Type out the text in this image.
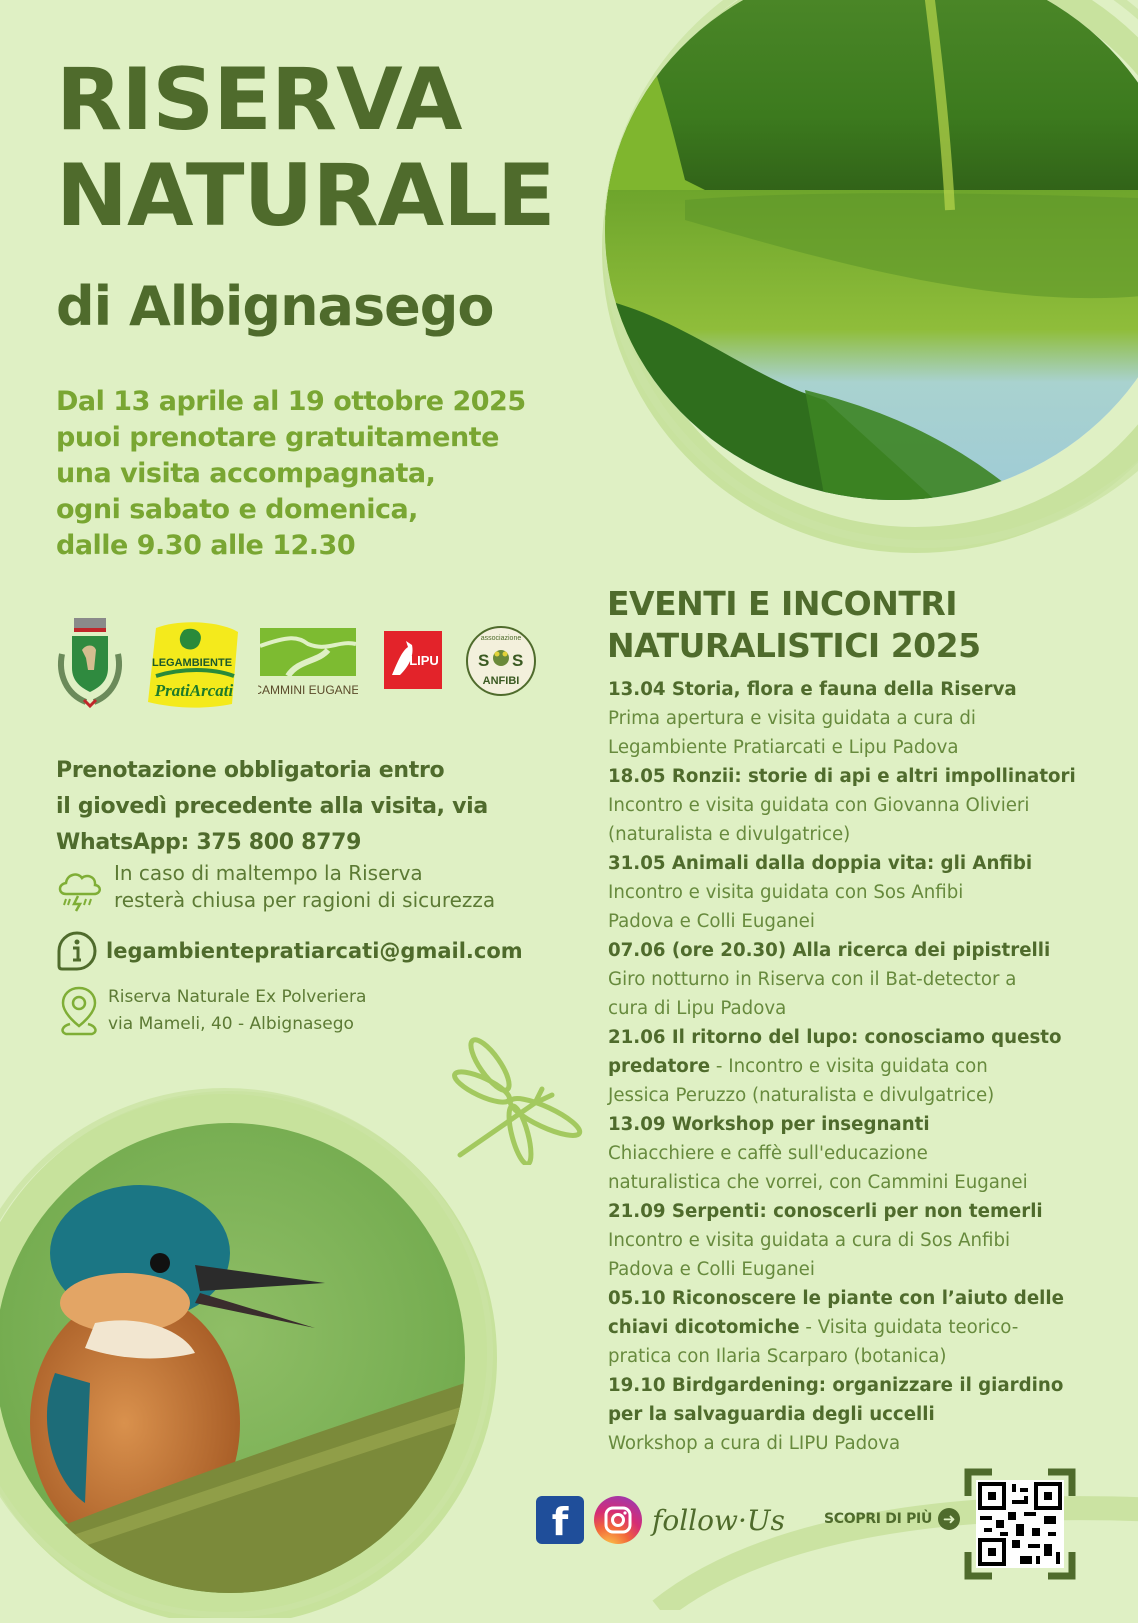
RISERVA
NATURALE
di Albignasego
Dal 13 aprile al 19 ottobre 2025
puoi prenotare gratuitamente
una visita accompagnata,
ogni sabato e domenica,
dalle 9.30 alle 12.30
LEGAMBIENTE
PratiArcati CAMMINI EUGANEI
LIPU
associazione
S S
ANFIBI
Prenotazione obbligatoria entro
il giovedì precedente alla visita, via
WhatsApp: 375 800 8779
In caso di maltempo la Riserva
resterà chiusa per ragioni di sicurezza
legambientepratiarcati@gmail.com
Riserva Naturale Ex Polveriera
via Mameli, 40 - Albignasego
EVENTI E INCONTRI
NATURALISTICI 2025
13.04 Storia, flora e fauna della Riserva
Prima apertura e visita guidata a cura di
Legambiente Pratiarcati e Lipu Padova
18.05 Ronzii: storie di api e altri impollinatori
Incontro e visita guidata con Giovanna Olivieri
(naturalista e divulgatrice)
31.05 Animali dalla doppia vita: gli Anfibi
Incontro e visita guidata con Sos Anfibi
Padova e Colli Euganei
07.06 (ore 20.30) Alla ricerca dei pipistrelli
Giro notturno in Riserva con il Bat-detector a
cura di Lipu Padova
21.06 Il ritorno del lupo: conosciamo questo
predatore - Incontro e visita guidata con
Jessica Peruzzo (naturalista e divulgatrice)
13.09 Workshop per insegnanti
Chiacchiere e caffè sull'educazione
naturalistica che vorrei, con Cammini Euganei
21.09 Serpenti: conoscerli per non temerli
Incontro e visita guidata a cura di Sos Anfibi
Padova e Colli Euganei
05.10 Riconoscere le piante con l’aiuto delle
chiavi dicotomiche - Visita guidata teorico-
pratica con Ilaria Scarparo (botanica)
19.10 Birdgardening: organizzare il giardino
per la salvaguardia degli uccelli
Workshop a cura di LIPU Padova
f	follow·Us	SCOPRI DI PIÙ ➜
